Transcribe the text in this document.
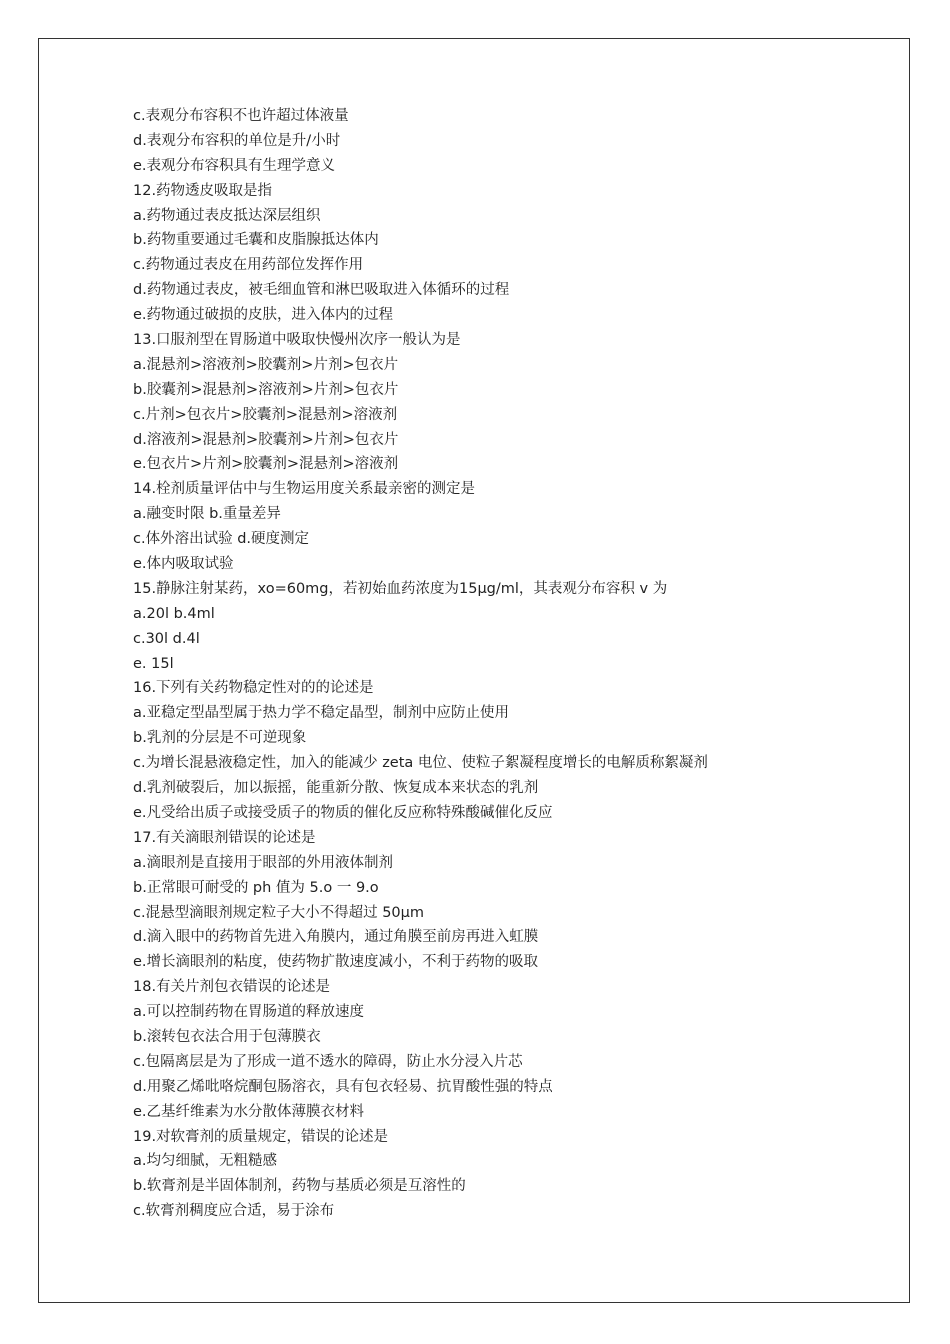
c.表观分布容积不也许超过体液量
d.表观分布容积的单位是升/小时
e.表观分布容积具有生理学意义
12.药物透皮吸取是指
a.药物通过表皮抵达深层组织
b.药物重要通过毛囊和皮脂腺抵达体内
c.药物通过表皮在用药部位发挥作用
d.药物通过表皮，被毛细血管和淋巴吸取进入体循环的过程
e.药物通过破损的皮肤，进入体内的过程
13.口服剂型在胃肠道中吸取快慢州次序一般认为是
a.混悬剂>溶液剂>胶囊剂>片剂>包衣片
b.胶囊剂>混悬剂>溶液剂>片剂>包衣片
c.片剂>包衣片>胶囊剂>混悬剂>溶液剂
d.溶液剂>混悬剂>胶囊剂>片剂>包衣片
e.包衣片>片剂>胶囊剂>混悬剂>溶液剂
14.栓剂质量评估中与生物运用度关系最亲密的测定是
a.融变时限 b.重量差异
c.体外溶出试验 d.硬度测定
e.体内吸取试验
15.静脉注射某药，xo=60mg，若初始血药浓度为15μg/ml，其表观分布容积 v 为
a.20l b.4ml
c.30l d.4l
e. 15l
16.下列有关药物稳定性对的的论述是
a.亚稳定型晶型属于热力学不稳定晶型，制剂中应防止使用
b.乳剂的分层是不可逆现象
c.为增长混悬液稳定性，加入的能减少 zeta 电位、使粒子絮凝程度增长的电解质称絮凝剂
d.乳剂破裂后，加以振摇，能重新分散、恢复成本来状态的乳剂
e.凡受给出质子或接受质子的物质的催化反应称特殊酸碱催化反应
17.有关滴眼剂错误的论述是
a.滴眼剂是直接用于眼部的外用液体制剂
b.正常眼可耐受的 ph 值为 5.o 一 9.o
c.混悬型滴眼剂规定粒子大小不得超过 50μm
d.滴入眼中的药物首先进入角膜内，通过角膜至前房再进入虹膜
e.增长滴眼剂的粘度，使药物扩散速度减小，不利于药物的吸取
18.有关片剂包衣错误的论述是
a.可以控制药物在胃肠道的释放速度
b.滚转包衣法合用于包薄膜衣
c.包隔离层是为了形成一道不透水的障碍，防止水分浸入片芯
d.用聚乙烯吡咯烷酮包肠溶衣，具有包衣轻易、抗胃酸性强的特点
e.乙基纤维素为水分散体薄膜衣材料
19.对软膏剂的质量规定，错误的论述是
a.均匀细腻，无粗糙感
b.软膏剂是半固体制剂，药物与基质必须是互溶性的
c.软膏剂稠度应合适，易于涂布
